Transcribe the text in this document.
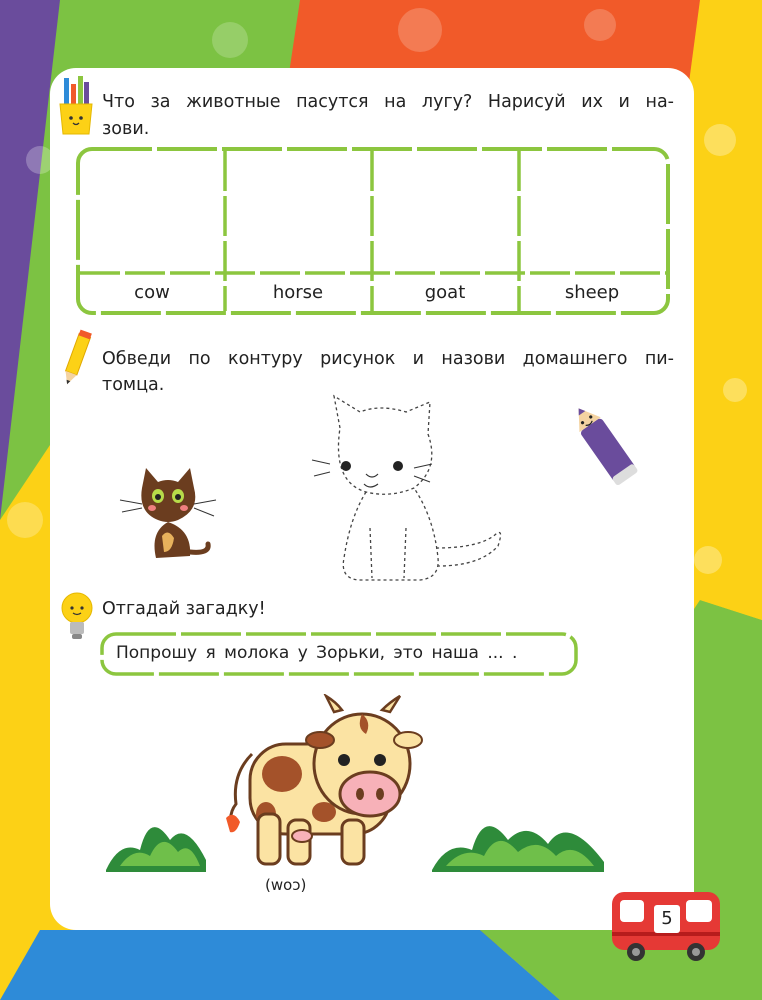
Что за животные пасутся на лугу? Нарисуй их и на-
зови.
cow	horse	goat	sheep
Обведи по контуру рисунок и назови домашнего пи-
томца.
Отгадай загадку!
Попрошу я молока у Зорьки, это наша ... .
(cow)
5
